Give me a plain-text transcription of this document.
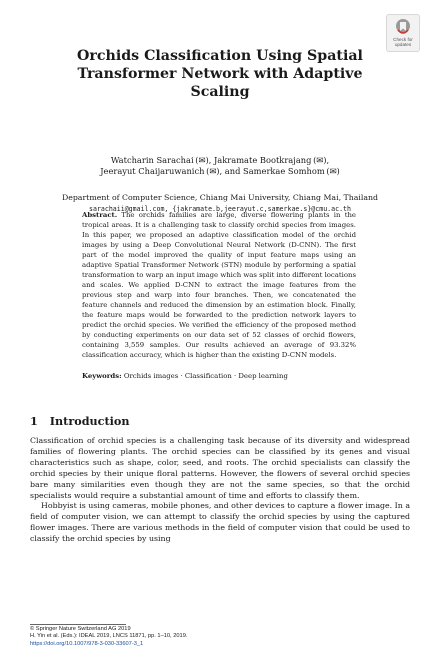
Check for
updates
Orchids Classification Using Spatial
Transformer Network with Adaptive
Scaling
Watcharin Sarachai (✉), Jakramate Bootkrajang (✉),
Jeerayut Chaijaruwanich (✉), and Samerkae Somhom (✉)
Department of Computer Science, Chiang Mai University, Chiang Mai, Thailand
sarachaii@gmail.com, {jakramate.b,jeerayut.c,samerkae.s}@cmu.ac.th

Abstract. The orchids families are large, diverse flowering plants in the tropical areas. It is a challenging task to classify orchid species from images. In this paper, we proposed an adaptive classification model of the orchid images by using a Deep Convolutional Neural Network (D-CNN). The first part of the model improved the quality of input feature maps using an adaptive Spatial Transformer Network (STN) module by performing a spatial transformation to warp an input image which was split into different locations and scales. We applied D-CNN to extract the image features from the previous step and warp into four branches. Then, we concatenated the feature channels and reduced the dimension by an estimation block. Finally, the feature maps would be forwarded to the prediction network layers to predict the orchid species. We verified the efficiency of the proposed method by conducting experiments on our data set of 52 classes of orchid flowers, containing 3,559 samples. Our results achieved an average of 93.32% classification accuracy, which is higher than the existing D-CNN models.

Keywords: Orchids images · Classification · Deep learning
1 Introduction

Classification of orchid species is a challenging task because of its diversity and widespread families of flowering plants. The orchid species can be classified by its genes and visual characteristics such as shape, color, seed, and roots. The orchid specialists can classify the orchid species by their unique floral patterns. However, the flowers of several orchid species bare many similarities even though they are not the same species, so that the orchid specialists would require a substantial amount of time and efforts to classify them.

Hobbyist is using cameras, mobile phones, and other devices to capture a flower image. In a field of computer vision, we can attempt to classify the orchid species by using the captured flower images. There are various methods in the field of computer vision that could be used to classify the orchid species by using

© Springer Nature Switzerland AG 2019
H. Yin et al. (Eds.): IDEAL 2019, LNCS 11871, pp. 1–10, 2019.
https://doi.org/10.1007/978-3-030-33607-3_1
